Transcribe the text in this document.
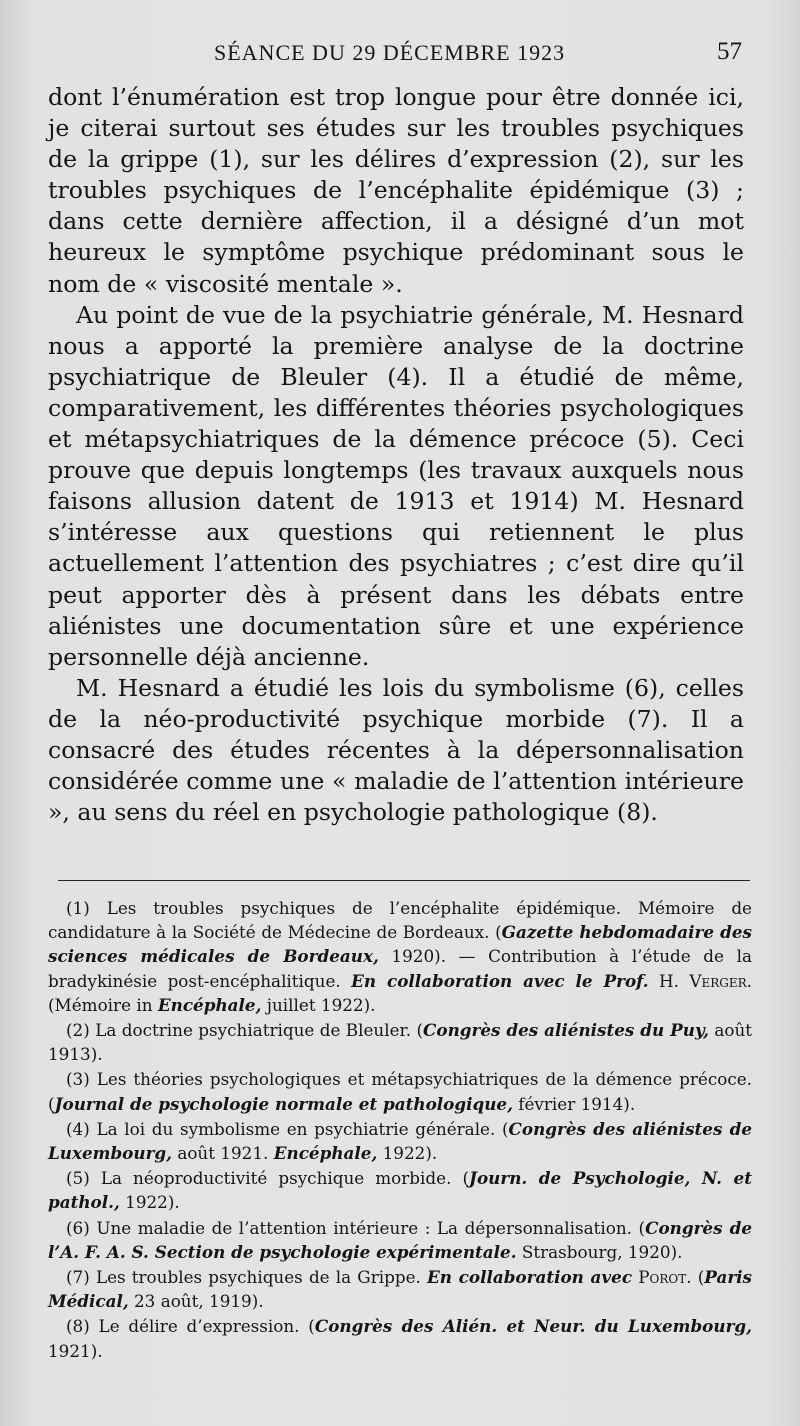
SÉANCE DU 29 DÉCEMBRE 1923	57

dont l’énumération est trop longue pour être donnée ici, je citerai surtout ses études sur les troubles psychiques de la grippe (1), sur les délires d’expression (2), sur les troubles psychiques de l’encéphalite épidémique (3) ; dans cette dernière affection, il a désigné d’un mot heureux le symptôme psychique prédominant sous le nom de « viscosité mentale ».

Au point de vue de la psychiatrie générale, M. Hesnard nous a apporté la première analyse de la doctrine psychiatrique de Bleuler (4). Il a étudié de même, comparativement, les différentes théories psychologiques et métapsychiatriques de la démence précoce (5). Ceci prouve que depuis longtemps (les travaux auxquels nous faisons allusion datent de 1913 et 1914) M. Hesnard s’intéresse aux questions qui retiennent le plus actuellement l’attention des psychiatres ; c’est dire qu’il peut apporter dès à présent dans les débats entre aliénistes une documentation sûre et une expérience personnelle déjà ancienne.

M. Hesnard a étudié les lois du symbolisme (6), celles de la néo-productivité psychique morbide (7). Il a consacré des études récentes à la dépersonnalisation considérée comme une « maladie de l’attention intérieure », au sens du réel en psychologie pathologique (8).

(1) Les troubles psychiques de l’encéphalite épidémique. Mémoire de candidature à la Société de Médecine de Bordeaux. (Gazette hebdomadaire des sciences médicales de Bordeaux, 1920). — Contribution à l’étude de la bradykinésie post-encéphalitique. En collaboration avec le Prof. H. Verger. (Mémoire in Encéphale, juillet 1922).

(2) La doctrine psychiatrique de Bleuler. (Congrès des aliénistes du Puy, août 1913).

(3) Les théories psychologiques et métapsychiatriques de la démence précoce. (Journal de psychologie normale et pathologique, février 1914).

(4) La loi du symbolisme en psychiatrie générale. (Congrès des aliénistes de Luxembourg, août 1921. Encéphale, 1922).

(5) La néoproductivité psychique morbide. (Journ. de Psychologie, N. et pathol., 1922).

(6) Une maladie de l’attention intérieure : La dépersonnalisation. (Congrès de l’A. F. A. S. Section de psychologie expérimentale. Strasbourg, 1920).

(7) Les troubles psychiques de la Grippe. En collaboration avec Porot. (Paris Médical, 23 août, 1919).

(8) Le délire d’expression. (Congrès des Alién. et Neur. du Luxembourg, 1921).
